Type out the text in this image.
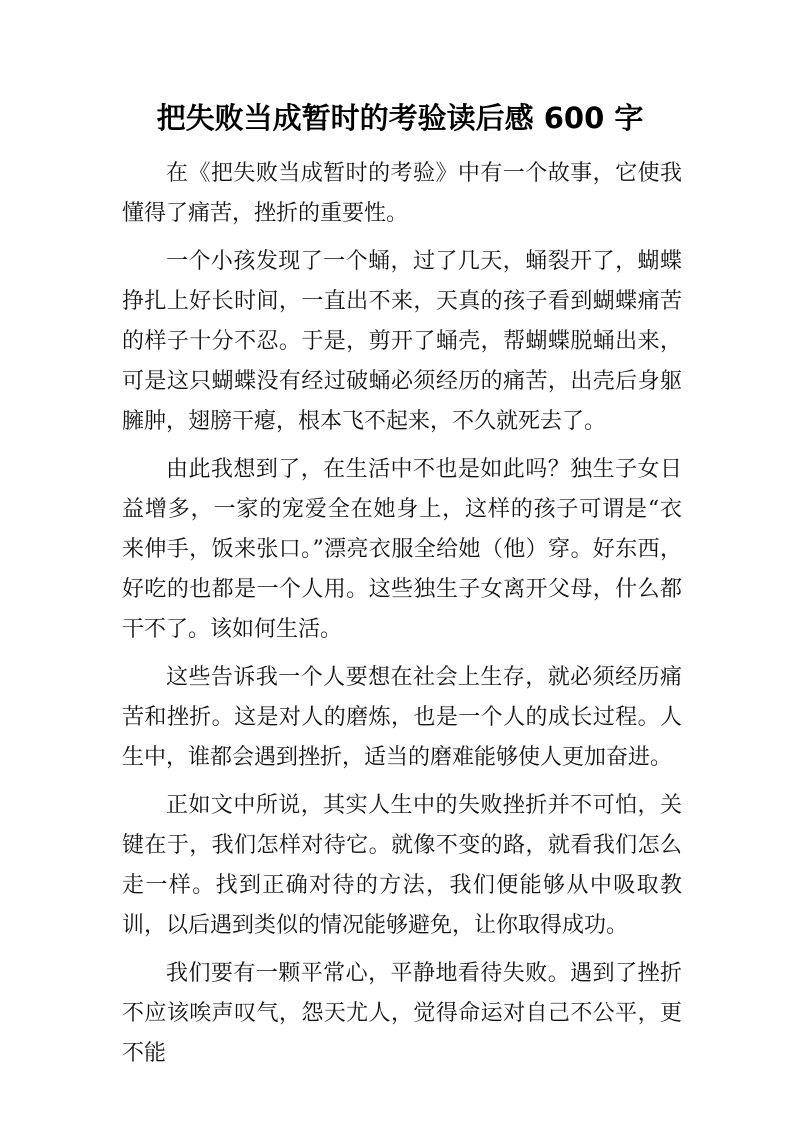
把失败当成暂时的考验读后感 600 字

在《把失败当成暂时的考验》中有一个故事，它使我懂得了痛苦，挫折的重要性。

一个小孩发现了一个蛹，过了几天，蛹裂开了，蝴蝶挣扎上好长时间，一直出不来，天真的孩子看到蝴蝶痛苦的样子十分不忍。于是，剪开了蛹壳，帮蝴蝶脱蛹出来，可是这只蝴蝶没有经过破蛹必须经历的痛苦，出壳后身躯臃肿，翅膀干瘪，根本飞不起来，不久就死去了。

由此我想到了，在生活中不也是如此吗？独生子女日益增多，一家的宠爱全在她身上，这样的孩子可谓是“衣来伸手，饭来张口。”漂亮衣服全给她（他）穿。好东西，好吃的也都是一个人用。这些独生子女离开父母，什么都干不了。该如何生活。

这些告诉我一个人要想在社会上生存，就必须经历痛苦和挫折。这是对人的磨炼，也是一个人的成长过程。人生中，谁都会遇到挫折，适当的磨难能够使人更加奋进。

正如文中所说，其实人生中的失败挫折并不可怕，关键在于，我们怎样对待它。就像不变的路，就看我们怎么走一样。找到正确对待的方法，我们便能够从中吸取教训，以后遇到类似的情况能够避免，让你取得成功。

我们要有一颗平常心，平静地看待失败。遇到了挫折不应该唉声叹气，怨天尤人，觉得命运对自己不公平，更不能
